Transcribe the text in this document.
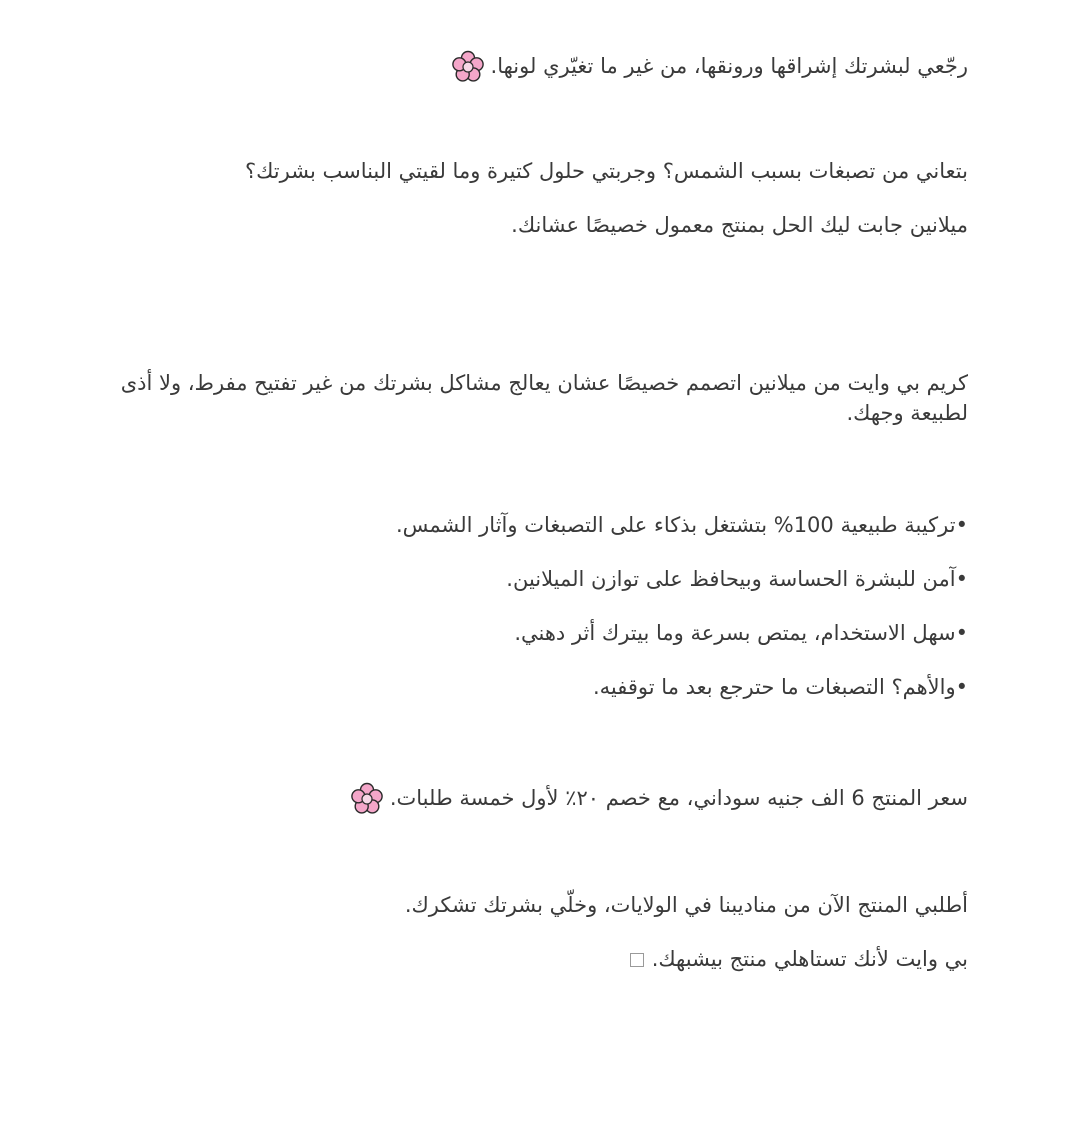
رجّعي لبشرتك إشراقها ورونقها، من غير ما تغيّري لونها.
بتعاني من تصبغات بسبب الشمس؟ وجربتي حلول كتيرة وما لقيتي البناسب بشرتك؟
ميلانين جابت ليك الحل بمنتج معمول خصيصًا عشانك.
كريم بي وايت من ميلانين اتصمم خصيصًا عشان يعالج مشاكل بشرتك من غير تفتيح مفرط، ولا أذى لطبيعة وجهك.
•تركيبة طبيعية 100% بتشتغل بذكاء على التصبغات وآثار الشمس.
•آمن للبشرة الحساسة وبيحافظ على توازن الميلانين.
•سهل الاستخدام، يمتص بسرعة وما بيترك أثر دهني.
•والأهم؟ التصبغات ما حترجع بعد ما توقفيه.
سعر المنتج 6 الف جنيه سوداني، مع خصم ٢٠٪ لأول خمسة طلبات.
أطلبي المنتج الآن من مناديبنا في الولايات، وخلّي بشرتك تشكرك.
بي وايت لأنك تستاهلي منتج بيشبهك.
